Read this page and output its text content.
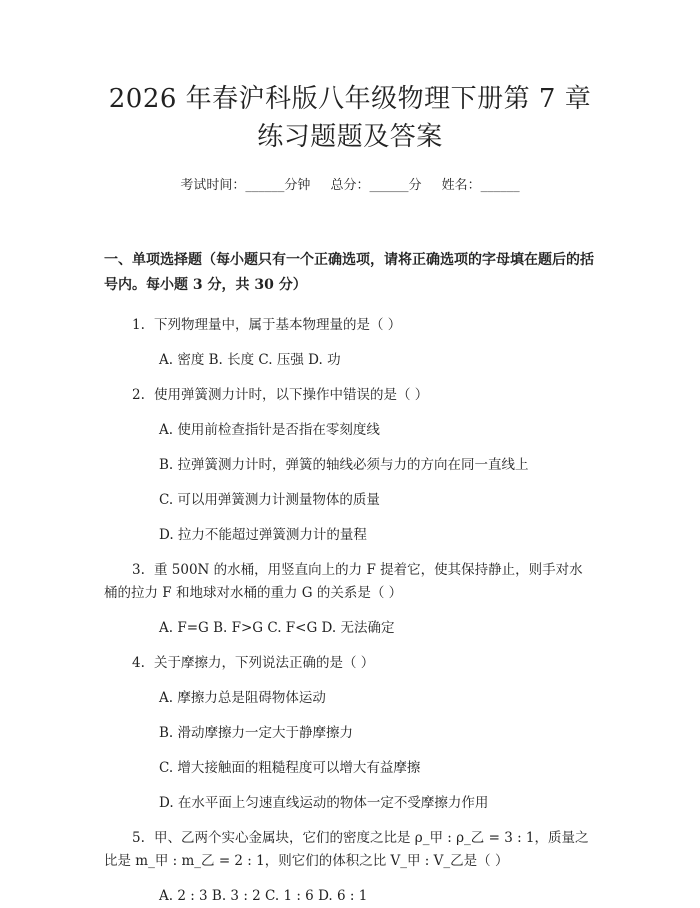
2026 年春沪科版八年级物理下册第 7 章练习题题及答案
考试时间：______分钟 总分：______分 姓名：______
一、单项选择题（每小题只有一个正确选项，请将正确选项的字母填在题后的括号内。每小题 3 分，共 30 分）
1. 下列物理量中，属于基本物理量的是（ ）
A. 密度 B. 长度 C. 压强 D. 功
2. 使用弹簧测力计时，以下操作中错误的是（ ）
A. 使用前检查指针是否指在零刻度线
B. 拉弹簧测力计时，弹簧的轴线必须与力的方向在同一直线上
C. 可以用弹簧测力计测量物体的质量
D. 拉力不能超过弹簧测力计的量程
3. 重 500N 的水桶，用竖直向上的力 F 提着它，使其保持静止，则手对水桶的拉力 F 和地球对水桶的重力 G 的关系是（ ）
A. F=G B. F>G C. F<G D. 无法确定
4. 关于摩擦力，下列说法正确的是（ ）
A. 摩擦力总是阻碍物体运动
B. 滑动摩擦力一定大于静摩擦力
C. 增大接触面的粗糙程度可以增大有益摩擦
D. 在水平面上匀速直线运动的物体一定不受摩擦力作用
5. 甲、乙两个实心金属块，它们的密度之比是 ρ_甲 : ρ_乙 = 3 : 1，质量之比是 m_甲 : m_乙 = 2 : 1，则它们的体积之比 V_甲 : V_乙是（ ）
A. 2 : 3 B. 3 : 2 C. 1 : 6 D. 6 : 1
